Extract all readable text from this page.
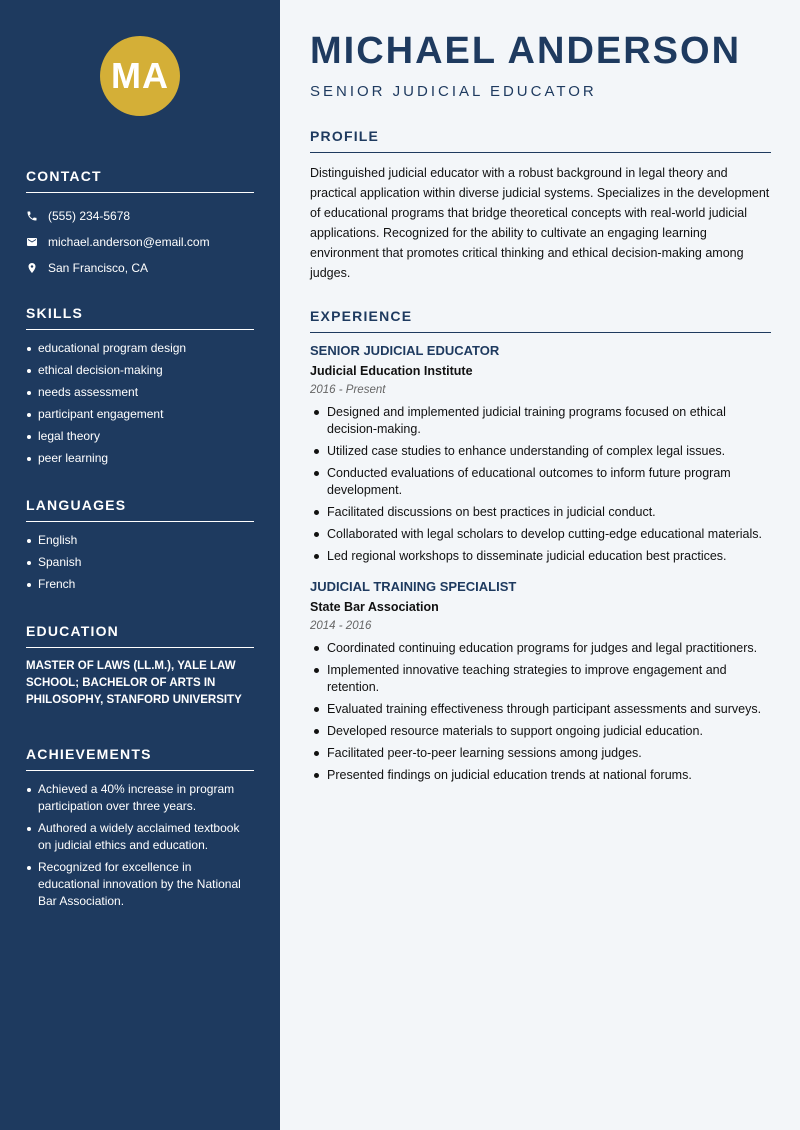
MA
CONTACT
(555) 234-5678
michael.anderson@email.com
San Francisco, CA
SKILLS
educational program design
ethical decision-making
needs assessment
participant engagement
legal theory
peer learning
LANGUAGES
English
Spanish
French
EDUCATION

MASTER OF LAWS (LL.M.), YALE LAW SCHOOL; BACHELOR OF ARTS IN PHILOSOPHY, STANFORD UNIVERSITY

ACHIEVEMENTS
Achieved a 40% increase in program participation over three years.
Authored a widely acclaimed textbook on judicial ethics and education.
Recognized for excellence in educational innovation by the National Bar Association.
MICHAEL ANDERSON
SENIOR JUDICIAL EDUCATOR
PROFILE

Distinguished judicial educator with a robust background in legal theory and practical application within diverse judicial systems. Specializes in the development of educational programs that bridge theoretical concepts with real-world judicial applications. Recognized for the ability to cultivate an engaging learning environment that promotes critical thinking and ethical decision-making among judges.

EXPERIENCE
SENIOR JUDICIAL EDUCATOR
Judicial Education Institute
2016 - Present
Designed and implemented judicial training programs focused on ethical decision-making.
Utilized case studies to enhance understanding of complex legal issues.
Conducted evaluations of educational outcomes to inform future program development.
Facilitated discussions on best practices in judicial conduct.
Collaborated with legal scholars to develop cutting-edge educational materials.
Led regional workshops to disseminate judicial education best practices.
JUDICIAL TRAINING SPECIALIST
State Bar Association
2014 - 2016
Coordinated continuing education programs for judges and legal practitioners.
Implemented innovative teaching strategies to improve engagement and retention.
Evaluated training effectiveness through participant assessments and surveys.
Developed resource materials to support ongoing judicial education.
Facilitated peer-to-peer learning sessions among judges.
Presented findings on judicial education trends at national forums.
